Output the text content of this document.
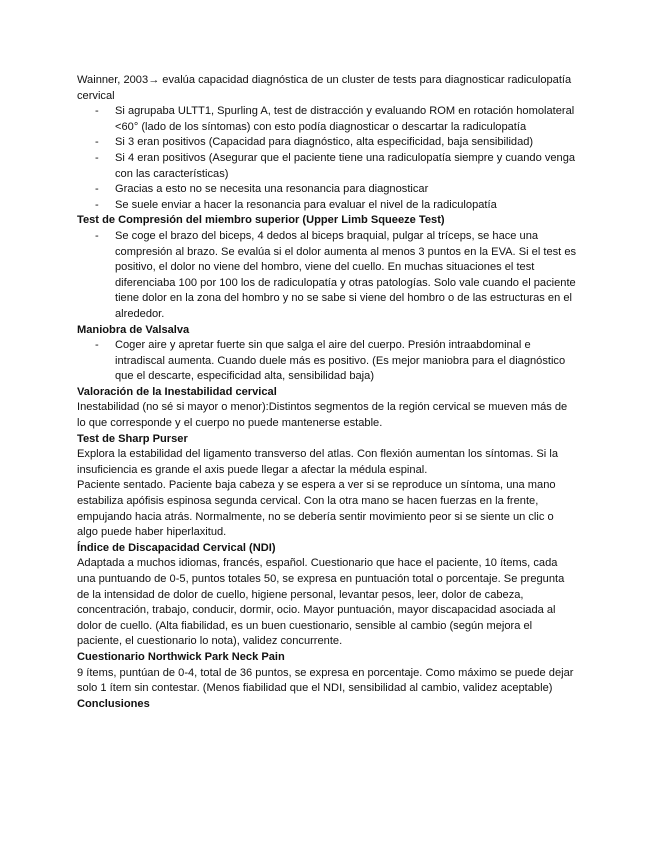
Wainner, 2003→ evalúa capacidad diagnóstica de un cluster de tests para diagnosticar radiculopatía cervical

- Si agrupaba ULTT1, Spurling A, test de distracción y evaluando ROM en rotación homolateral <60° (lado de los síntomas) con esto podía diagnosticar o descartar la radiculopatía
- Si 3 eran positivos (Capacidad para diagnóstico, alta especificidad, baja sensibilidad)
- Si 4 eran positivos (Asegurar que el paciente tiene una radiculopatía siempre y cuando venga con las características)
- Gracias a esto no se necesita una resonancia para diagnosticar
- Se suele enviar a hacer la resonancia para evaluar el nivel de la radiculopatía

Test de Compresión del miembro superior (Upper Limb Squeeze Test)

- Se coge el brazo del biceps, 4 dedos al biceps braquial, pulgar al tríceps, se hace una compresión al brazo. Se evalúa si el dolor aumenta al menos 3 puntos en la EVA. Si el test es positivo, el dolor no viene del hombro, viene del cuello. En muchas situaciones el test diferenciaba 100 por 100 los de radiculopatía y otras patologías. Solo vale cuando el paciente tiene dolor en la zona del hombro y no se sabe si viene del hombro o de las estructuras en el alrededor.

Maniobra de Valsalva

- Coger aire y apretar fuerte sin que salga el aire del cuerpo. Presión intraabdominal e intradiscal aumenta. Cuando duele más es positivo. (Es mejor maniobra para el diagnóstico que el descarte, especificidad alta, sensibilidad baja)

Valoración de la Inestabilidad cervical

Inestabilidad (no sé si mayor o menor):Distintos segmentos de la región cervical se mueven más de lo que corresponde y el cuerpo no puede mantenerse estable.

Test de Sharp Purser

Explora la estabilidad del ligamento transverso del atlas. Con flexión aumentan los síntomas. Si la insuficiencia es grande el axis puede llegar a afectar la médula espinal.

Paciente sentado. Paciente baja cabeza y se espera a ver si se reproduce un síntoma, una mano estabiliza apófisis espinosa segunda cervical. Con la otra mano se hacen fuerzas en la frente, empujando hacia atrás. Normalmente, no se debería sentir movimiento peor si se siente un clic o algo puede haber hiperlaxitud.

Índice de Discapacidad Cervical (NDI)

Adaptada a muchos idiomas, francés, español. Cuestionario que hace el paciente, 10 ítems, cada una puntuando de 0-5, puntos totales 50, se expresa en puntuación total o porcentaje. Se pregunta de la intensidad de dolor de cuello, higiene personal, levantar pesos, leer, dolor de cabeza, concentración, trabajo, conducir, dormir, ocio. Mayor puntuación, mayor discapacidad asociada al dolor de cuello. (Alta fiabilidad, es un buen cuestionario, sensible al cambio (según mejora el paciente, el cuestionario lo nota), validez concurrente.

Cuestionario Northwick Park Neck Pain

9 ítems, puntúan de 0-4, total de 36 puntos, se expresa en porcentaje. Como máximo se puede dejar solo 1 ítem sin contestar. (Menos fiabilidad que el NDI, sensibilidad al cambio, validez aceptable)

Conclusiones
